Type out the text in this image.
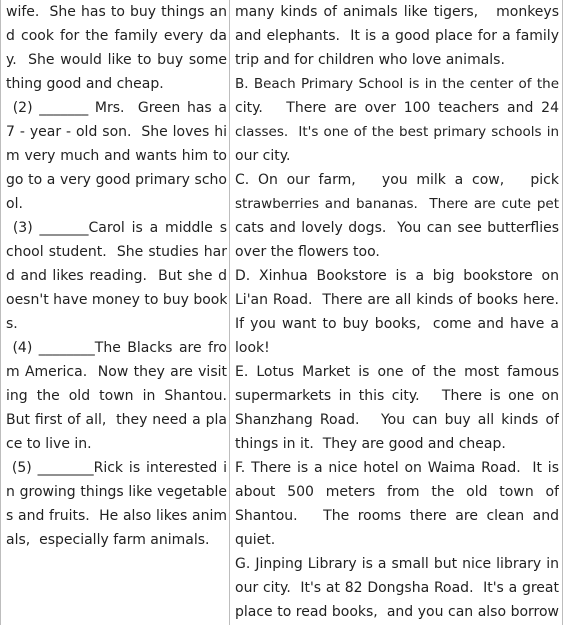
wife.  She has to buy things an
d cook for the family every da
y.  She would like to buy some
thing good and cheap.
(2) _______ Mrs.  Green has a
7 - year - old son.  She loves hi
m very much and wants him to
go to a very good primary scho
ol.
(3) _______Carol is a middle s
chool student.  She studies har
d and likes reading.  But she d
oesn't have money to buy book
s.
(4) ________The Blacks are fro
m America.  Now they are visit
ing the old town in Shantou.
But first of all,  they need a pla
ce to live in.
(5) ________Rick is interested i
n growing things like vegetable
s and fruits.  He also likes anim
als,  especially farm animals.
many kinds of animals like tigers,   monkeys
and elephants.  It is a good place for a family
trip and for children who love animals.
B. Beach Primary School is in the center of the
city.   There are over 100 teachers and 24
classes.  It's one of the best primary schools in
our city.
C. On our farm,   you milk a cow,   pick
strawberries and bananas.  There are cute pet
cats and lovely dogs.  You can see butterflies
over the flowers too.
D. Xinhua Bookstore is a big bookstore on
Li'an Road.  There are all kinds of books here.
If you want to buy books,  come and have a
look!
E. Lotus Market is one of the most famous
supermarkets in this city.   There is one on
Shanzhang Road.   You can buy all kinds of
things in it.  They are good and cheap.
F. There is a nice hotel on Waima Road.  It is
about  500  meters  from  the  old  town  of
Shantou.   The rooms there are clean and
quiet.
G. Jinping Library is a small but nice library in
our city.  It's at 82 Dongsha Road.  It's a great
place to read books,  and you can also borrow
